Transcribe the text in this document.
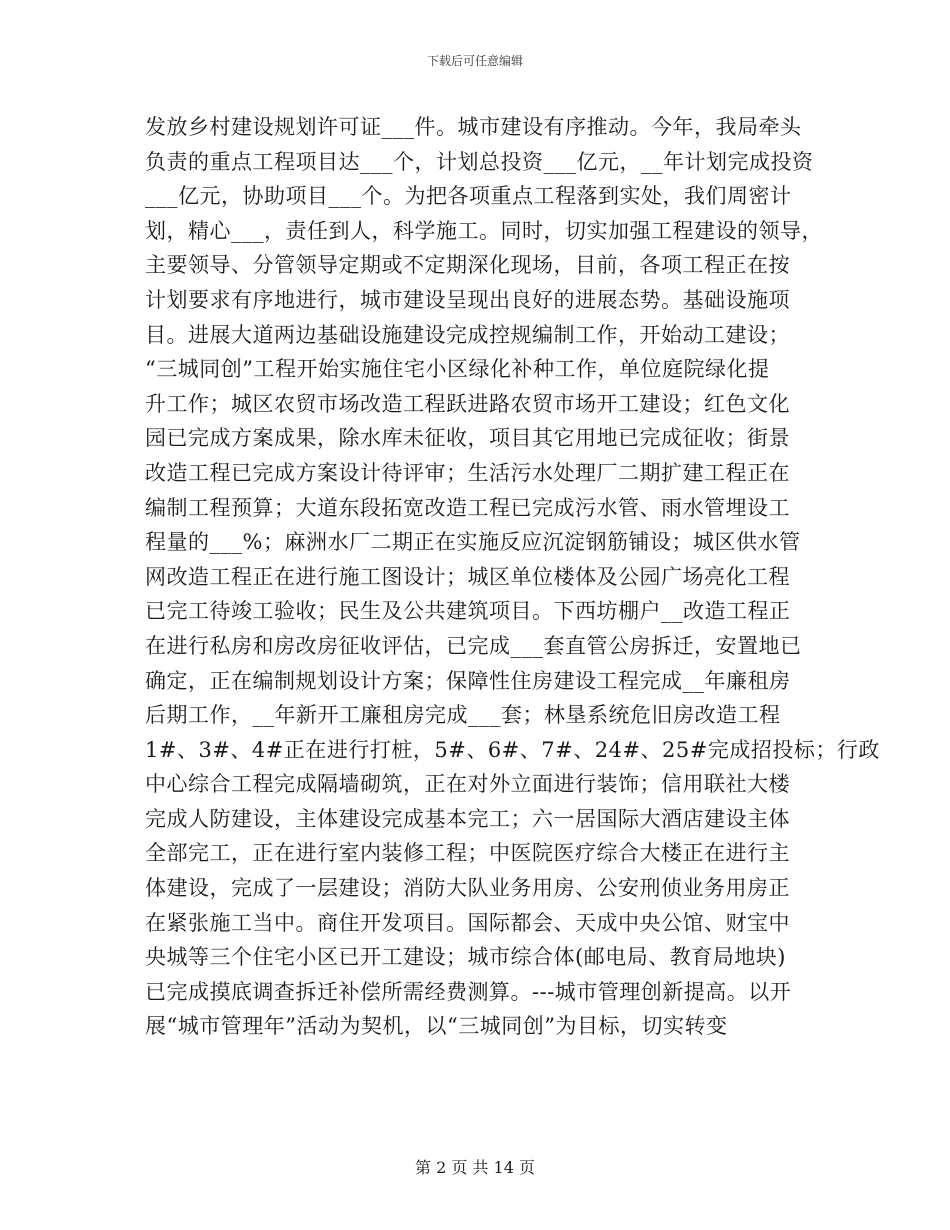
下载后可任意编辑
发放乡村建设规划许可证___件。城市建设有序推动。今年，我局牵头
负责的重点工程项目达___个，计划总投资___亿元，__年计划完成投资
___亿元，协助项目___个。为把各项重点工程落到实处，我们周密计
划，精心___，责任到人，科学施工。同时，切实加强工程建设的领导，
主要领导、分管领导定期或不定期深化现场，目前，各项工程正在按
计划要求有序地进行，城市建设呈现出良好的进展态势。基础设施项
目。进展大道两边基础设施建设完成控规编制工作，开始动工建设；
“三城同创”工程开始实施住宅小区绿化补种工作，单位庭院绿化提
升工作；城区农贸市场改造工程跃进路农贸市场开工建设；红色文化
园已完成方案成果，除水库未征收，项目其它用地已完成征收；街景
改造工程已完成方案设计待评审；生活污水处理厂二期扩建工程正在
编制工程预算；大道东段拓宽改造工程已完成污水管、雨水管埋设工
程量的___%；麻洲水厂二期正在实施反应沉淀钢筋铺设；城区供水管
网改造工程正在进行施工图设计；城区单位楼体及公园广场亮化工程
已完工待竣工验收；民生及公共建筑项目。下西坊棚户__改造工程正
在进行私房和房改房征收评估，已完成___套直管公房拆迁，安置地已
确定，正在编制规划设计方案；保障性住房建设工程完成__年廉租房
后期工作，__年新开工廉租房完成___套；林垦系统危旧房改造工程
1#、3#、4#正在进行打桩，5#、6#、7#、24#、25#完成招投标；行政
中心综合工程完成隔墙砌筑，正在对外立面进行装饰；信用联社大楼
完成人防建设，主体建设完成基本完工；六一居国际大酒店建设主体
全部完工，正在进行室内装修工程；中医院医疗综合大楼正在进行主
体建设，完成了一层建设；消防大队业务用房、公安刑侦业务用房正
在紧张施工当中。商住开发项目。国际都会、天成中央公馆、财宝中
央城等三个住宅小区已开工建设；城市综合体(邮电局、教育局地块)
已完成摸底调查拆迁补偿所需经费测算。---城市管理创新提高。以开
展“城市管理年”活动为契机，以“三城同创”为目标，切实转变
第 2 页 共 14 页
